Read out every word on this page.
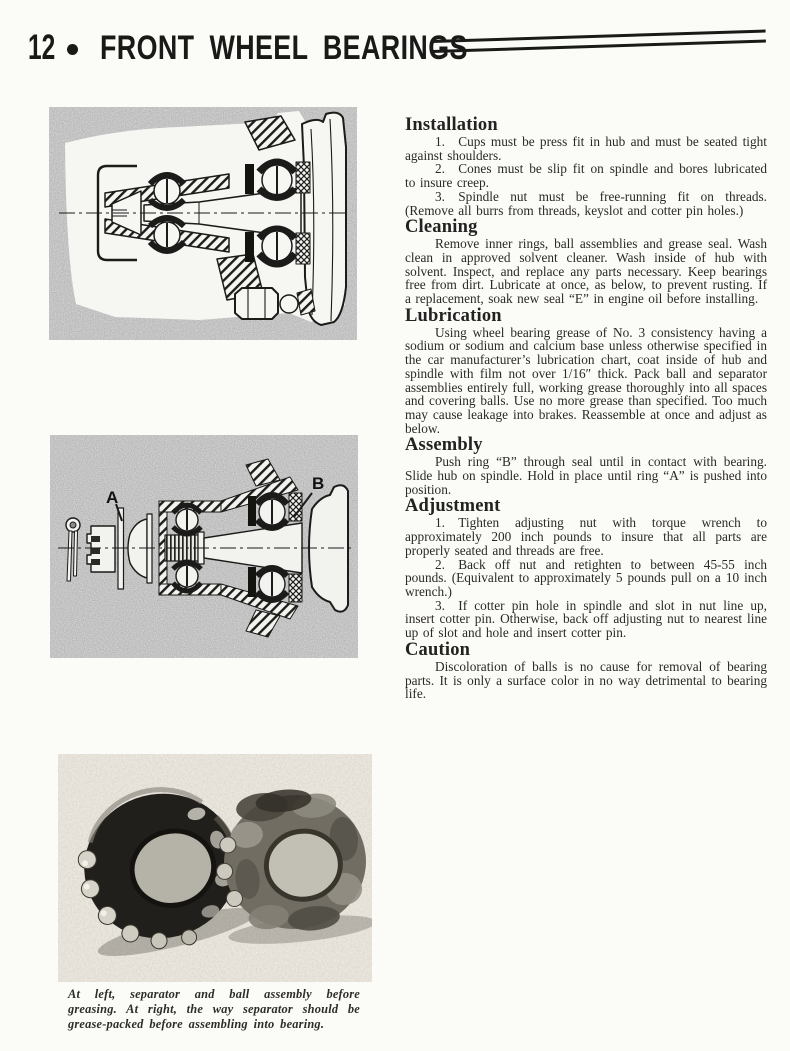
12 FRONT WHEEL BEARINGS
A
B
At left, separator and ball assembly before greasing. At right, the way separator should be grease-packed before assembling into bearing.
Installation

1.  Cups must be press fit in hub and must be seated tight against shoulders.

2.  Cones must be slip fit on spindle and bores lubricated to insure creep.

3.  Spindle nut must be free-running fit on threads. (Remove all burrs from threads, keyslot and cotter pin holes.)

Cleaning

Remove inner rings, ball assemblies and grease seal. Wash clean in approved solvent cleaner. Wash inside of hub with solvent. Inspect, and replace any parts necessary. Keep bearings free from dirt. Lubricate at once, as below, to prevent rusting. If a replacement, soak new seal “E” in engine oil before installing.

Lubrication

Using wheel bearing grease of No. 3 consistency having a sodium or sodium and calcium base unless otherwise specified in the car manufacturer’s lubrication chart, coat inside of hub and spindle with film not over 1/16″ thick. Pack ball and separator assemblies entirely full, working grease thoroughly into all spaces and covering balls. Use no more grease than specified. Too much may cause leakage into brakes. Reassemble at once and adjust as below.

Assembly

Push ring “B” through seal until in contact with bearing. Slide hub on spindle. Hold in place until ring “A” is pushed into position.

Adjustment

1.  Tighten adjusting nut with torque wrench to approximately 200 inch pounds to insure that all parts are properly seated and threads are free.

2.  Back off nut and retighten to between 45-55 inch pounds. (Equivalent to approximately 5 pounds pull on a 10 inch wrench.)

3.  If cotter pin hole in spindle and slot in nut line up, insert cotter pin. Otherwise, back off adjusting nut to nearest line up of slot and hole and insert cotter pin.

Caution

Discoloration of balls is no cause for removal of bearing parts. It is only a surface color in no way detrimental to bearing life.
